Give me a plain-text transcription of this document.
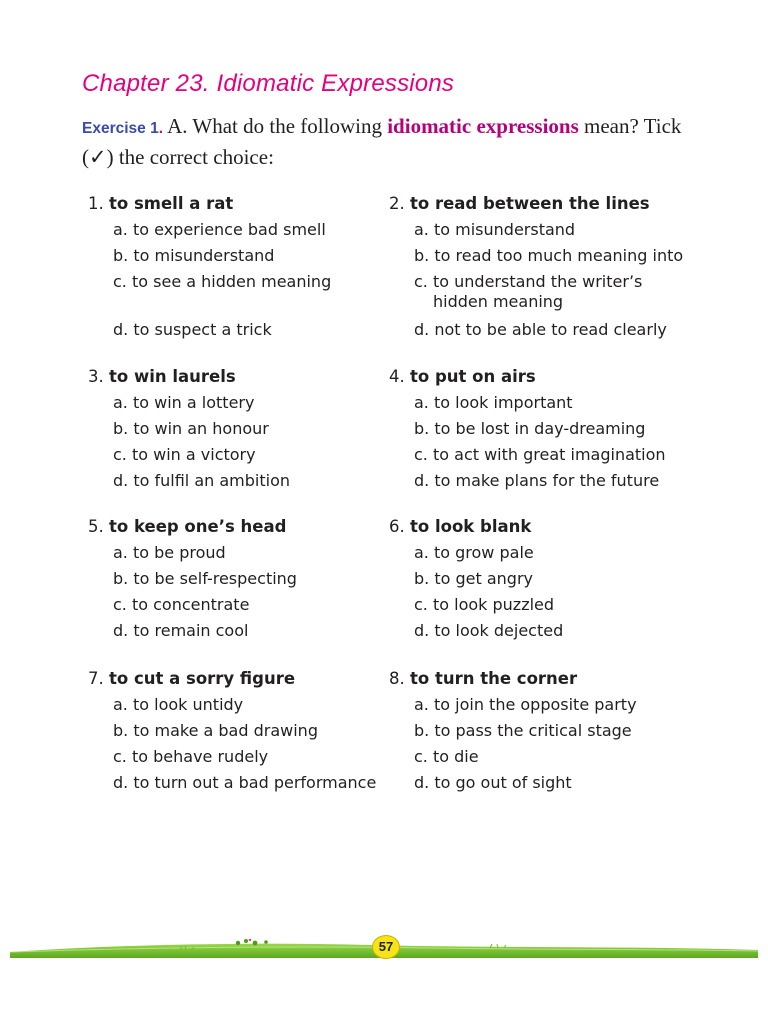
Chapter 23. Idiomatic Expressions
Exercise 1. A. What do the following idiomatic expressions mean? Tick (✓) the correct choice:
1. to smell a rat
a. to experience bad smell
b. to misunderstand
c. to see a hidden meaning
d. to suspect a trick
2. to read between the lines
a. to misunderstand
b. to read too much meaning into
c. to understand the writer’s
hidden meaning
d. not to be able to read clearly
3. to win laurels
a. to win a lottery
b. to win an honour
c. to win a victory
d. to fulfil an ambition
4. to put on airs
a. to look important
b. to be lost in day-dreaming
c. to act with great imagination
d. to make plans for the future
5. to keep one’s head
a. to be proud
b. to be self-respecting
c. to concentrate
d. to remain cool
6. to look blank
a. to grow pale
b. to get angry
c. to look puzzled
d. to look dejected
7. to cut a sorry figure
a. to look untidy
b. to make a bad drawing
c. to behave rudely
d. to turn out a bad performance
8. to turn the corner
a. to join the opposite party
b. to pass the critical stage
c. to die
d. to go out of sight
57
